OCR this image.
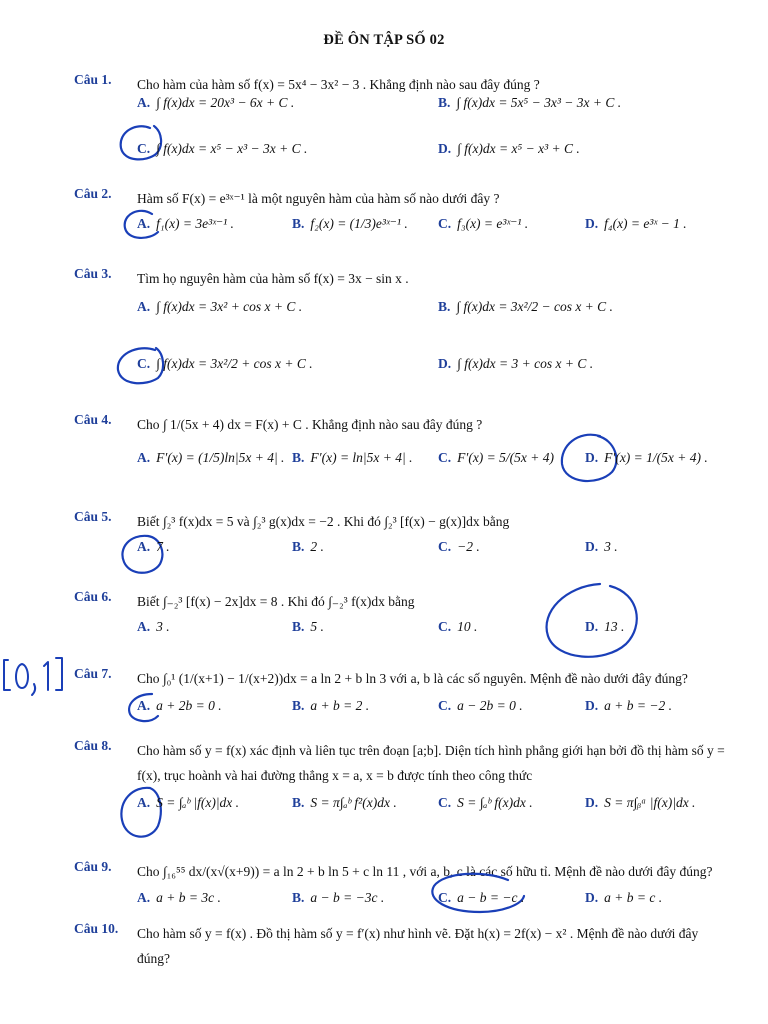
ĐỀ ÔN TẬP SỐ 02
Câu 1. Cho hàm của hàm số f(x) = 5x⁴ − 3x² − 3 . Khẳng định nào sau đây đúng ?
Câu 2. Hàm số F(x) = e³ˣ⁻¹ là một nguyên hàm của hàm số nào dưới đây ?
Câu 3. Tìm họ nguyên hàm của hàm số f(x) = 3x − sin x .
Câu 4. Cho ∫ 1/(5x + 4) dx = F(x) + C . Khẳng định nào sau đây đúng ?
Câu 5. Biết ∫₂³ f(x)dx = 5 và ∫₂³ g(x)dx = −2 . Khi đó ∫₂³ [f(x) − g(x)]dx bằng
Câu 6. Biết ∫₋₂³ [f(x) − 2x]dx = 8 . Khi đó ∫₋₂³ f(x)dx bằng
Câu 7. Cho ∫₀¹ (1/(x+1) − 1/(x+2))dx = a ln 2 + b ln 3 với a, b là các số nguyên. Mệnh đề nào dưới đây đúng?
Câu 8. Cho hàm số y = f(x) xác định và liên tục trên đoạn [a;b]. Diện tích hình phẳng giới hạn bởi đồ thị hàm số y = f(x), trục hoành và hai đường thẳng x = a, x = b được tính theo công thức
Câu 9. Cho ∫₁₆⁵⁵ dx/(x√(x+9)) = a ln 2 + b ln 5 + c ln 11 , với a, b, c là các số hữu tỉ. Mệnh đề nào dưới đây đúng?
Câu 10. Cho hàm số y = f(x) . Đồ thị hàm số y = f′(x) như hình vẽ. Đặt h(x) = 2f(x) − x² . Mệnh đề nào dưới đây đúng?
A. ∫ f(x)dx = 20x³ − 6x + C .	B. ∫ f(x)dx = 5x⁵ − 3x³ − 3x + C .
C. ∫ f(x)dx = x⁵ − x³ − 3x + C .	D. ∫ f(x)dx = x⁵ − x³ + C .
A. f₁(x) = 3e³ˣ⁻¹ .	B. f₂(x) = (1/3)e³ˣ⁻¹ . C. f₃(x) = e³ˣ⁻¹ .	D. f₄(x) = e³ˣ − 1 .
A. ∫ f(x)dx = 3x² + cos x + C .	B. ∫ f(x)dx = 3x²/2 − cos x + C .
C. ∫ f(x)dx = 3x²/2 + cos x + C .	D. ∫ f(x)dx = 3 + cos x + C .
A. F′(x) = (1/5)ln|5x + 4| . B. F′(x) = ln|5x + 4| . C. F′(x) = 5/(5x + 4) D. F′(x) = 1/(5x + 4) .
A. 7 .	B. 2 .	C. −2 .	D. 3 .
A. 3 .	B. 5 .	C. 10 .	D. 13 .
A. a + 2b = 0 .	B. a + b = 2 .	C. a − 2b = 0 .	D. a + b = −2 .
A. S = ∫ₐᵇ |f(x)|dx .	B. S = π∫ₐᵇ f²(x)dx .	C. S = ∫ₐᵇ f(x)dx .	D. S = π∫ᵦᵃ |f(x)|dx .
A. a + b = 3c .	B. a − b = −3c .	C. a − b = −c .	D. a + b = c .
